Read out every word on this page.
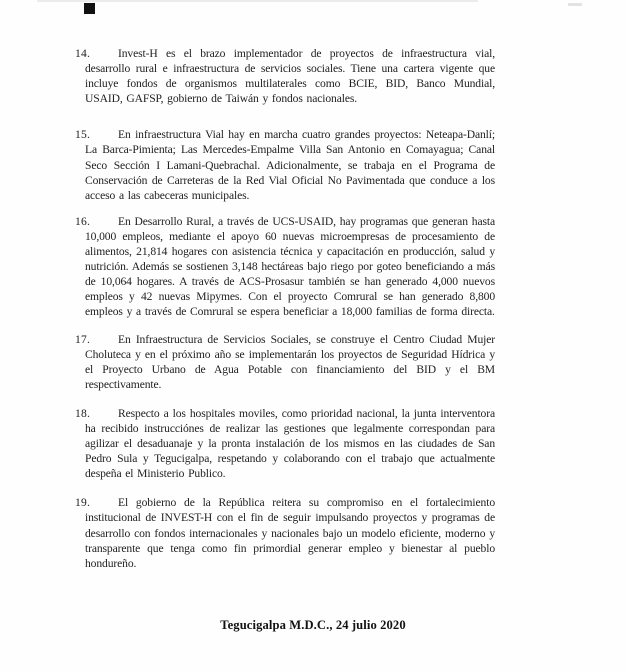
14. Invest-H es el brazo implementador de proyectos de infraestructura vial, desarrollo rural e infraestructura de servicios sociales. Tiene una cartera vigente que incluye fondos de organismos multilaterales como BCIE, BID, Banco Mundial, USAID, GAFSP, gobierno de Taiwán y fondos nacionales.
15. En infraestructura Vial hay en marcha cuatro grandes proyectos: Neteapa-Danlí; La Barca-Pimienta; Las Mercedes-Empalme Villa San Antonio en Comayagua; Canal Seco Sección I Lamani-Quebrachal. Adicionalmente, se trabaja en el Programa de Conservación de Carreteras de la Red Vial Oficial No Pavimentada que conduce a los acceso a las cabeceras municipales.
16. En Desarrollo Rural, a través de UCS-USAID, hay programas que generan hasta 10,000 empleos, mediante el apoyo 60 nuevas microempresas de procesamiento de alimentos, 21,814 hogares con asistencia técnica y capacitación en producción, salud y nutrición. Además se sostienen 3,148 hectáreas bajo riego por goteo beneficiando a más de 10,064 hogares. A través de ACS-Prosasur también se han generado 4,000 nuevos empleos y 42 nuevas Mipymes. Con el proyecto Comrural se han generado 8,800 empleos y a través de Comrural se espera beneficiar a 18,000 familias de forma directa.
17. En Infraestructura de Servicios Sociales, se construye el Centro Ciudad Mujer Choluteca y en el próximo año se implementarán los proyectos de Seguridad Hídrica y el Proyecto Urbano de Agua Potable con financiamiento del BID y el BM respectivamente.
18. Respecto a los hospitales moviles, como prioridad nacional, la junta interventora ha recibido instrucciónes de realizar las gestiones que legalmente correspondan para agilizar el desaduanaje y la pronta instalación de los mismos en las ciudades de San Pedro Sula y Tegucigalpa, respetando y colaborando con el trabajo que actualmente despeña el Ministerio Publico.
19. El gobierno de la República reitera su compromiso en el fortalecimiento institucional de INVEST-H con el fin de seguir impulsando proyectos y programas de desarrollo con fondos internacionales y nacionales bajo un modelo eficiente, moderno y transparente que tenga como fin primordial generar empleo y bienestar al pueblo hondureño.
Tegucigalpa M.D.C., 24 julio 2020
